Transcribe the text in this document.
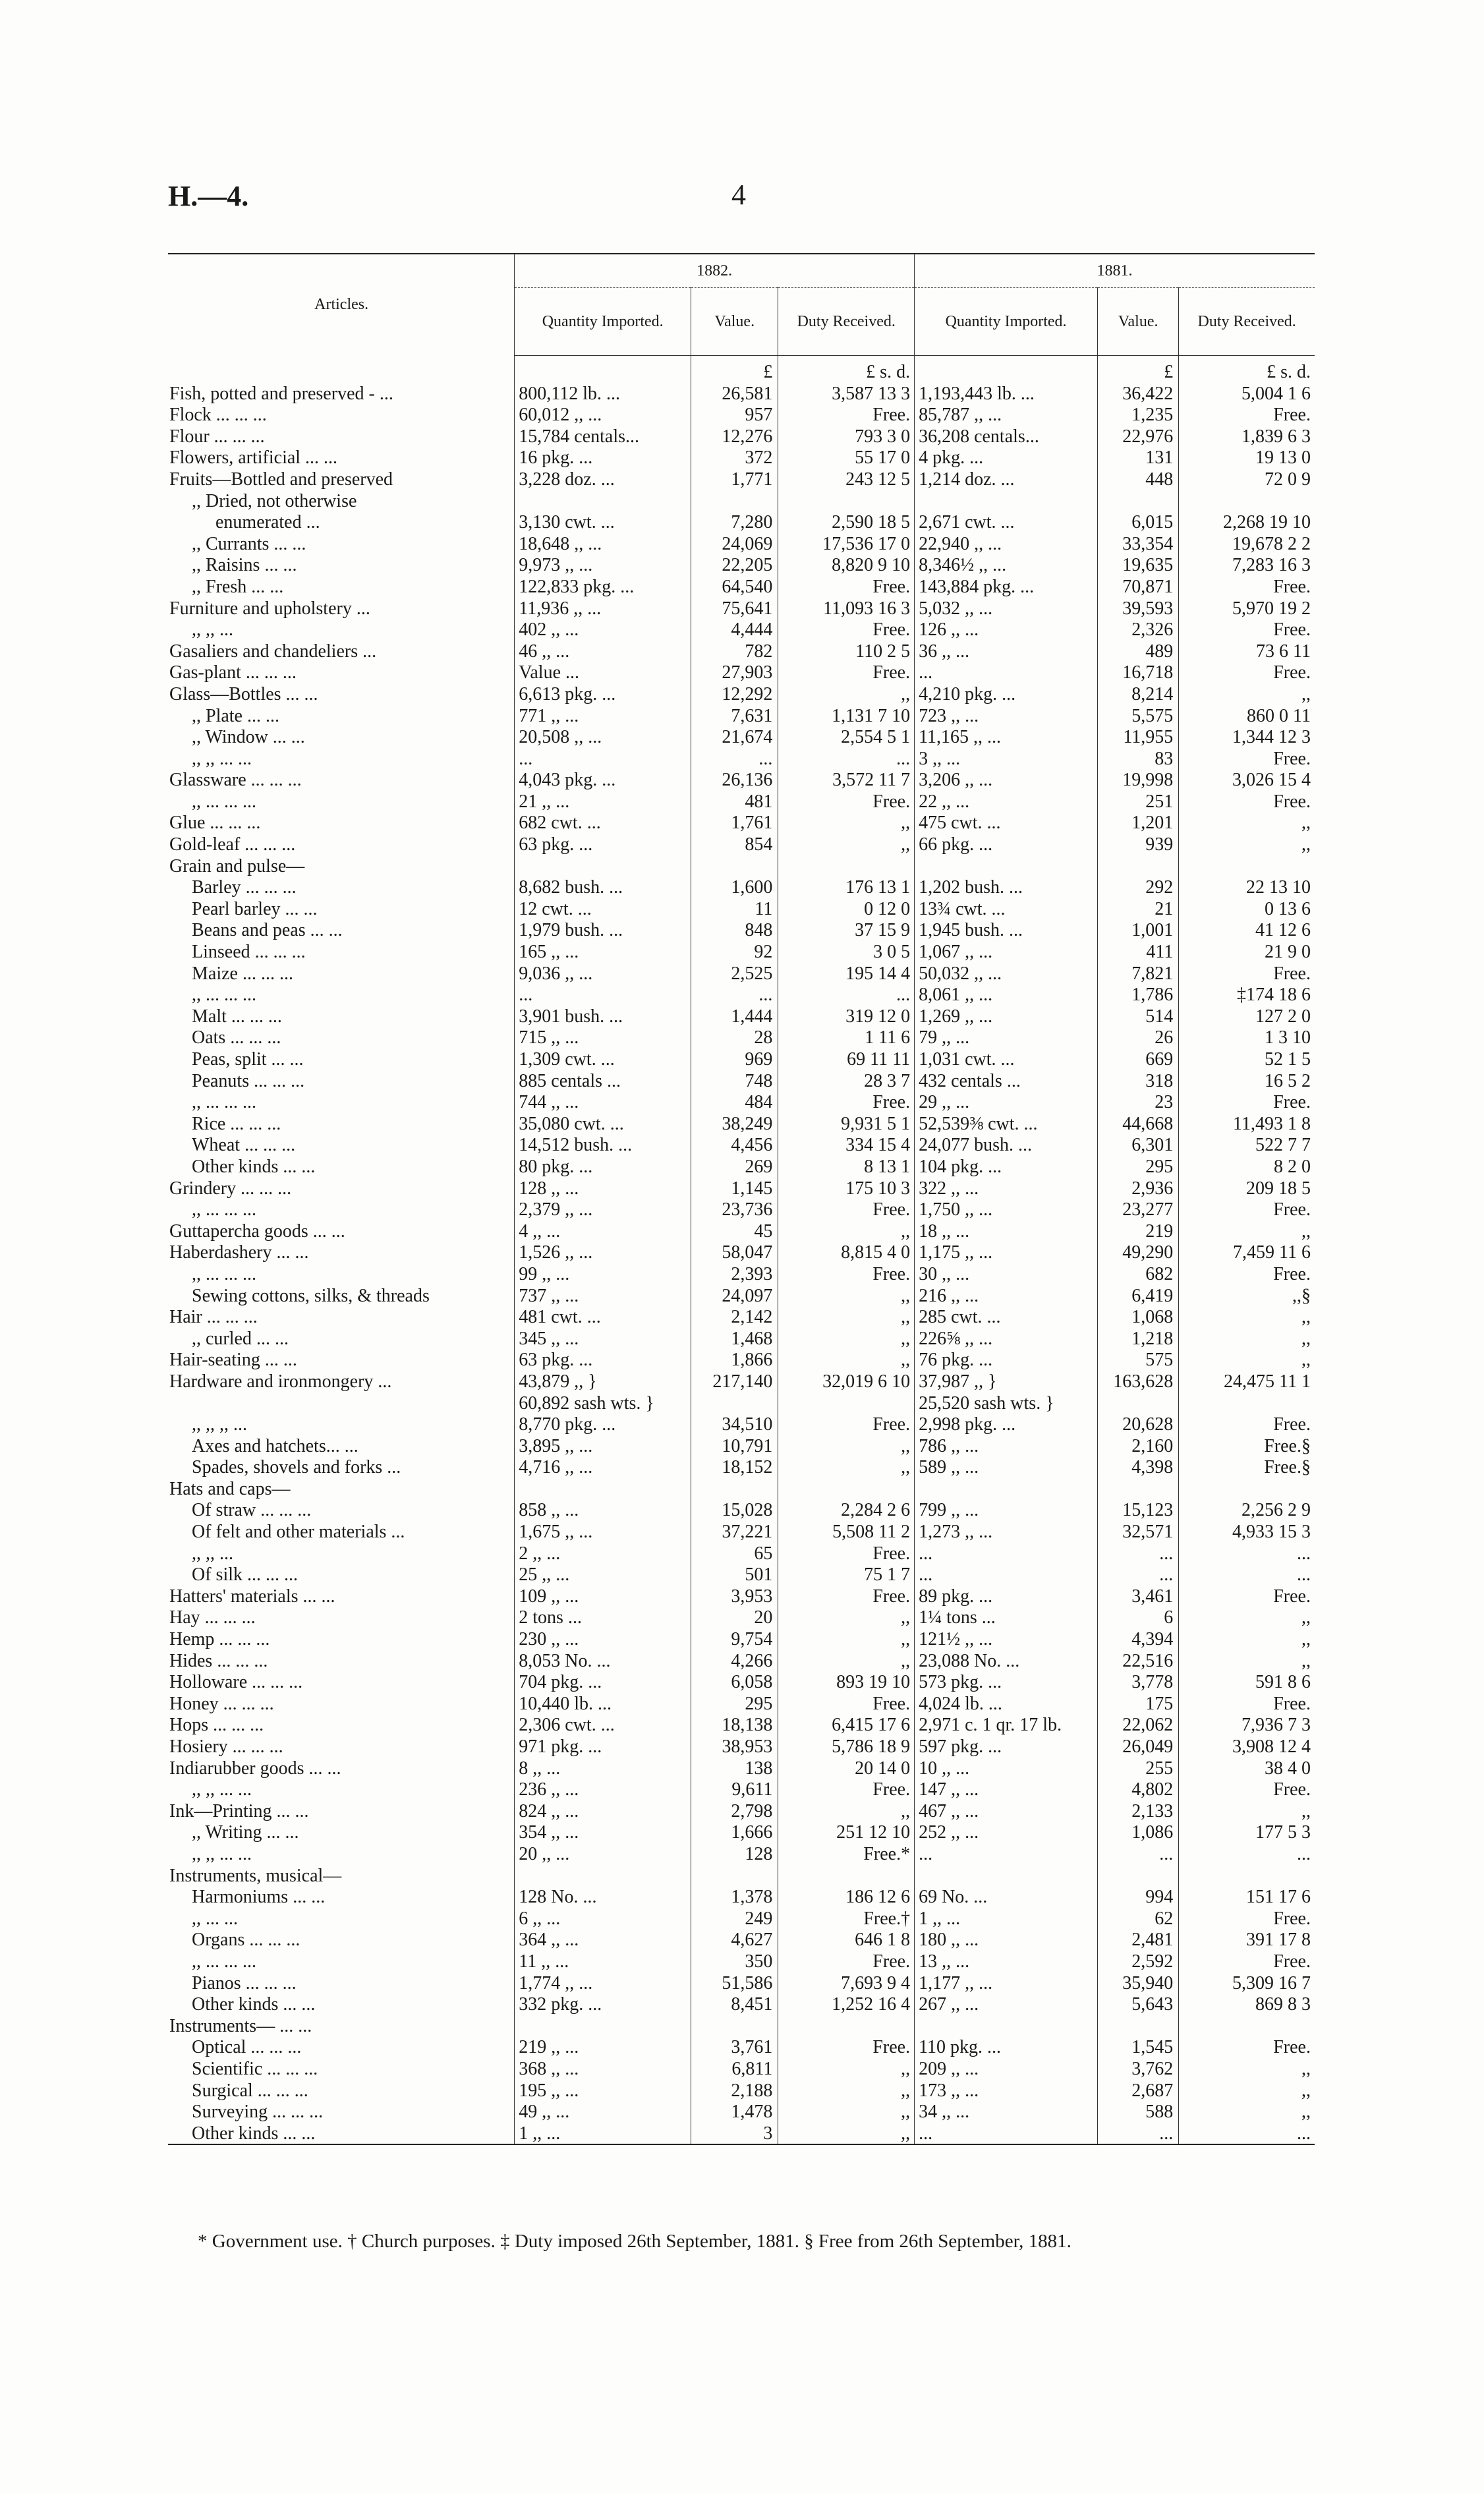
H.—4.	4
Articles.	1882.			1881.		
	Quantity Imported.	Value.	Duty Received.	Quantity Imported.	Value.	Duty Received.
		£	£ s. d.		£	£ s. d.
Fish, potted and preserved - ...	800,112 lb. ...	26,581	3,587 13 3	1,193,443 lb. ...	36,422	5,004 1 6
Flock ... ... ...	60,012 ,, ...	957	Free.	85,787 ,, ...	1,235	Free.
Flour ... ... ...	15,784 centals...	12,276	793 3 0	36,208 centals...	22,976	1,839 6 3
Flowers, artificial ... ...	16 pkg. ...	372	55 17 0	4 pkg. ...	131	19 13 0
Fruits—Bottled and preserved	3,228 doz. ...	1,771	243 12 5	1,214 doz. ...	448	72 0 9
,, Dried, not otherwise						
enumerated ...	3,130 cwt. ...	7,280	2,590 18 5	2,671 cwt. ...	6,015	2,268 19 10
,, Currants ... ...	18,648 ,, ...	24,069	17,536 17 0	22,940 ,, ...	33,354	19,678 2 2
,, Raisins ... ...	9,973 ,, ...	22,205	8,820 9 10	8,346½ ,, ...	19,635	7,283 16 3
,, Fresh ... ...	122,833 pkg. ...	64,540	Free.	143,884 pkg. ...	70,871	Free.
Furniture and upholstery ...	11,936 ,, ...	75,641	11,093 16 3	5,032 ,, ...	39,593	5,970 19 2
,, ,, ...	402 ,, ...	4,444	Free.	126 ,, ...	2,326	Free.
Gasaliers and chandeliers ...	46 ,, ...	782	110 2 5	36 ,, ...	489	73 6 11
Gas-plant ... ... ...	Value ...	27,903	Free.	...	16,718	Free.
Glass—Bottles ... ...	6,613 pkg. ...	12,292	,,	4,210 pkg. ...	8,214	,,
,, Plate ... ...	771 ,, ...	7,631	1,131 7 10	723 ,, ...	5,575	860 0 11
,, Window ... ...	20,508 ,, ...	21,674	2,554 5 1	11,165 ,, ...	11,955	1,344 12 3
,, ,, ... ...	...	...	...	3 ,, ...	83	Free.
Glassware ... ... ...	4,043 pkg. ...	26,136	3,572 11 7	3,206 ,, ...	19,998	3,026 15 4
,, ... ... ...	21 ,, ...	481	Free.	22 ,, ...	251	Free.
Glue ... ... ...	682 cwt. ...	1,761	,,	475 cwt. ...	1,201	,,
Gold-leaf ... ... ...	63 pkg. ...	854	,,	66 pkg. ...	939	,,
Grain and pulse—						
Barley ... ... ...	8,682 bush. ...	1,600	176 13 1	1,202 bush. ...	292	22 13 10
Pearl barley ... ...	12 cwt. ...	11	0 12 0	13¾ cwt. ...	21	0 13 6
Beans and peas ... ...	1,979 bush. ...	848	37 15 9	1,945 bush. ...	1,001	41 12 6
Linseed ... ... ...	165 ,, ...	92	3 0 5	1,067 ,, ...	411	21 9 0
Maize ... ... ...	9,036 ,, ...	2,525	195 14 4	50,032 ,, ...	7,821	Free.
,, ... ... ...	...	...	...	8,061 ,, ...	1,786	‡174 18 6
Malt ... ... ...	3,901 bush. ...	1,444	319 12 0	1,269 ,, ...	514	127 2 0
Oats ... ... ...	715 ,, ...	28	1 11 6	79 ,, ...	26	1 3 10
Peas, split ... ...	1,309 cwt. ...	969	69 11 11	1,031 cwt. ...	669	52 1 5
Peanuts ... ... ...	885 centals ...	748	28 3 7	432 centals ...	318	16 5 2
,, ... ... ...	744 ,, ...	484	Free.	29 ,, ...	23	Free.
Rice ... ... ...	35,080 cwt. ...	38,249	9,931 5 1	52,539⅜ cwt. ...	44,668	11,493 1 8
Wheat ... ... ...	14,512 bush. ...	4,456	334 15 4	24,077 bush. ...	6,301	522 7 7
Other kinds ... ...	80 pkg. ...	269	8 13 1	104 pkg. ...	295	8 2 0
Grindery ... ... ...	128 ,, ...	1,145	175 10 3	322 ,, ...	2,936	209 18 5
,, ... ... ...	2,379 ,, ...	23,736	Free.	1,750 ,, ...	23,277	Free.
Guttapercha goods ... ...	4 ,, ...	45	,,	18 ,, ...	219	,,
Haberdashery ... ...	1,526 ,, ...	58,047	8,815 4 0	1,175 ,, ...	49,290	7,459 11 6
,, ... ... ...	99 ,, ...	2,393	Free.	30 ,, ...	682	Free.
Sewing cottons, silks, & threads	737 ,, ...	24,097	,,	216 ,, ...	6,419	,,§
Hair ... ... ...	481 cwt. ...	2,142	,,	285 cwt. ...	1,068	,,
,, curled ... ...	345 ,, ...	1,468	,,	226⅝ ,, ...	1,218	,,
Hair-seating ... ...	63 pkg. ...	1,866	,,	76 pkg. ...	575	,,
Hardware and ironmongery ...	43,879 ,, }	217,140	32,019 6 10	37,987 ,, }	163,628	24,475 11 1
	60,892 sash wts. }			25,520 sash wts. }		
,, ,, ,, ...	8,770 pkg. ...	34,510	Free.	2,998 pkg. ...	20,628	Free.
Axes and hatchets... ...	3,895 ,, ...	10,791	,,	786 ,, ...	2,160	Free.§
Spades, shovels and forks ...	4,716 ,, ...	18,152	,,	589 ,, ...	4,398	Free.§
Hats and caps—						
Of straw ... ... ...	858 ,, ...	15,028	2,284 2 6	799 ,, ...	15,123	2,256 2 9
Of felt and other materials ...	1,675 ,, ...	37,221	5,508 11 2	1,273 ,, ...	32,571	4,933 15 3
,, ,, ...	2 ,, ...	65	Free.	...	...	...
Of silk ... ... ...	25 ,, ...	501	75 1 7	...	...	...
Hatters' materials ... ...	109 ,, ...	3,953	Free.	89 pkg. ...	3,461	Free.
Hay ... ... ...	2 tons ...	20	,,	1¼ tons ...	6	,,
Hemp ... ... ...	230 ,, ...	9,754	,,	121½ ,, ...	4,394	,,
Hides ... ... ...	8,053 No. ...	4,266	,,	23,088 No. ...	22,516	,,
Holloware ... ... ...	704 pkg. ...	6,058	893 19 10	573 pkg. ...	3,778	591 8 6
Honey ... ... ...	10,440 lb. ...	295	Free.	4,024 lb. ...	175	Free.
Hops ... ... ...	2,306 cwt. ...	18,138	6,415 17 6	2,971 c. 1 qr. 17 lb.	22,062	7,936 7 3
Hosiery ... ... ...	971 pkg. ...	38,953	5,786 18 9	597 pkg. ...	26,049	3,908 12 4
Indiarubber goods ... ...	8 ,, ...	138	20 14 0	10 ,, ...	255	38 4 0
,, ,, ... ...	236 ,, ...	9,611	Free.	147 ,, ...	4,802	Free.
Ink—Printing ... ...	824 ,, ...	2,798	,,	467 ,, ...	2,133	,,
,, Writing ... ...	354 ,, ...	1,666	251 12 10	252 ,, ...	1,086	177 5 3
,, ,, ... ...	20 ,, ...	128	Free.*	...	...	...
Instruments, musical—						
Harmoniums ... ...	128 No. ...	1,378	186 12 6	69 No. ...	994	151 17 6
,, ... ...	6 ,, ...	249	Free.†	1 ,, ...	62	Free.
Organs ... ... ...	364 ,, ...	4,627	646 1 8	180 ,, ...	2,481	391 17 8
,, ... ... ...	11 ,, ...	350	Free.	13 ,, ...	2,592	Free.
Pianos ... ... ...	1,774 ,, ...	51,586	7,693 9 4	1,177 ,, ...	35,940	5,309 16 7
Other kinds ... ...	332 pkg. ...	8,451	1,252 16 4	267 ,, ...	5,643	869 8 3
Instruments— ... ...						
Optical ... ... ...	219 ,, ...	3,761	Free.	110 pkg. ...	1,545	Free.
Scientific ... ... ...	368 ,, ...	6,811	,,	209 ,, ...	3,762	,,
Surgical ... ... ...	195 ,, ...	2,188	,,	173 ,, ...	2,687	,,
Surveying ... ... ...	49 ,, ...	1,478	,,	34 ,, ...	588	,,
Other kinds ... ...	1 ,, ...	3	,,	...	...	...
* Government use. † Church purposes. ‡ Duty imposed 26th September, 1881. § Free from 26th September, 1881.
